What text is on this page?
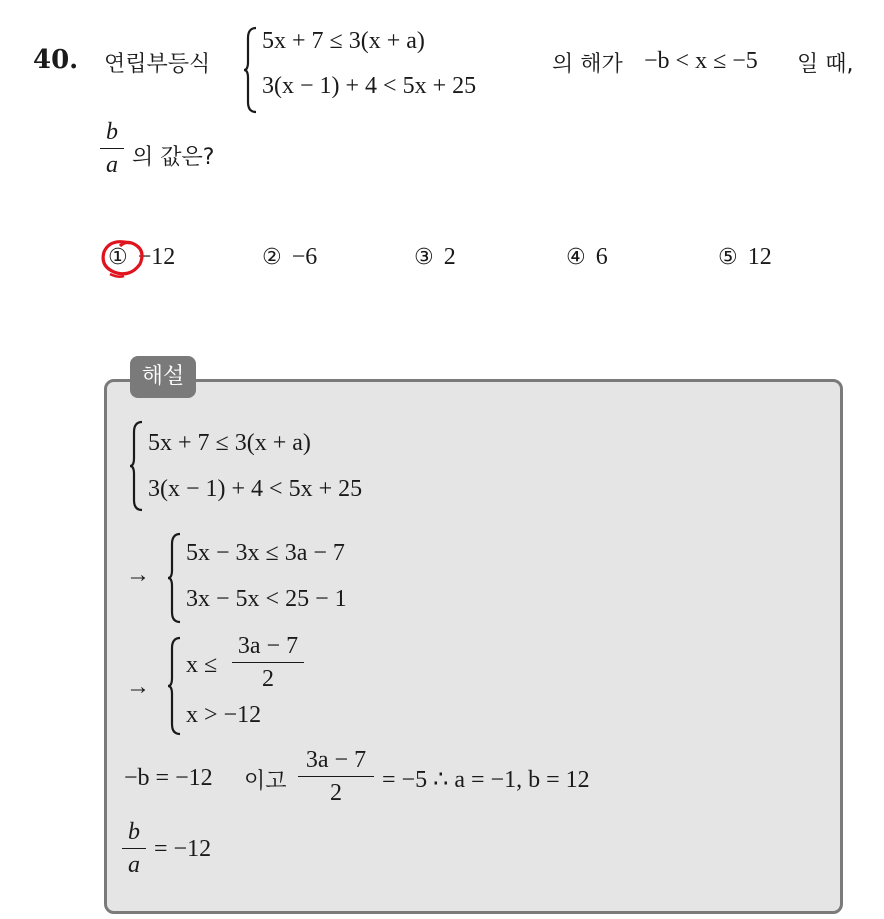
40. 연립부등식
5x + 7 ≤ 3(x + a)
3(x − 1) + 4 < 5x + 25
의 해가 −b < x ≤ −5 일 때,
b
a 의 값은?
① −12	② −6	③ 2	④ 6	⑤ 12
해설
5x + 7 ≤ 3(x + a)
3(x − 1) + 4 < 5x + 25
→
5x − 3x ≤ 3a − 7
3x − 5x < 25 − 1
→
x ≤
3a − 7
2
x > −12
−b = −12 이고
3a − 7
2	= −5 ∴ a = −1, b = 12
b
a
= −12
